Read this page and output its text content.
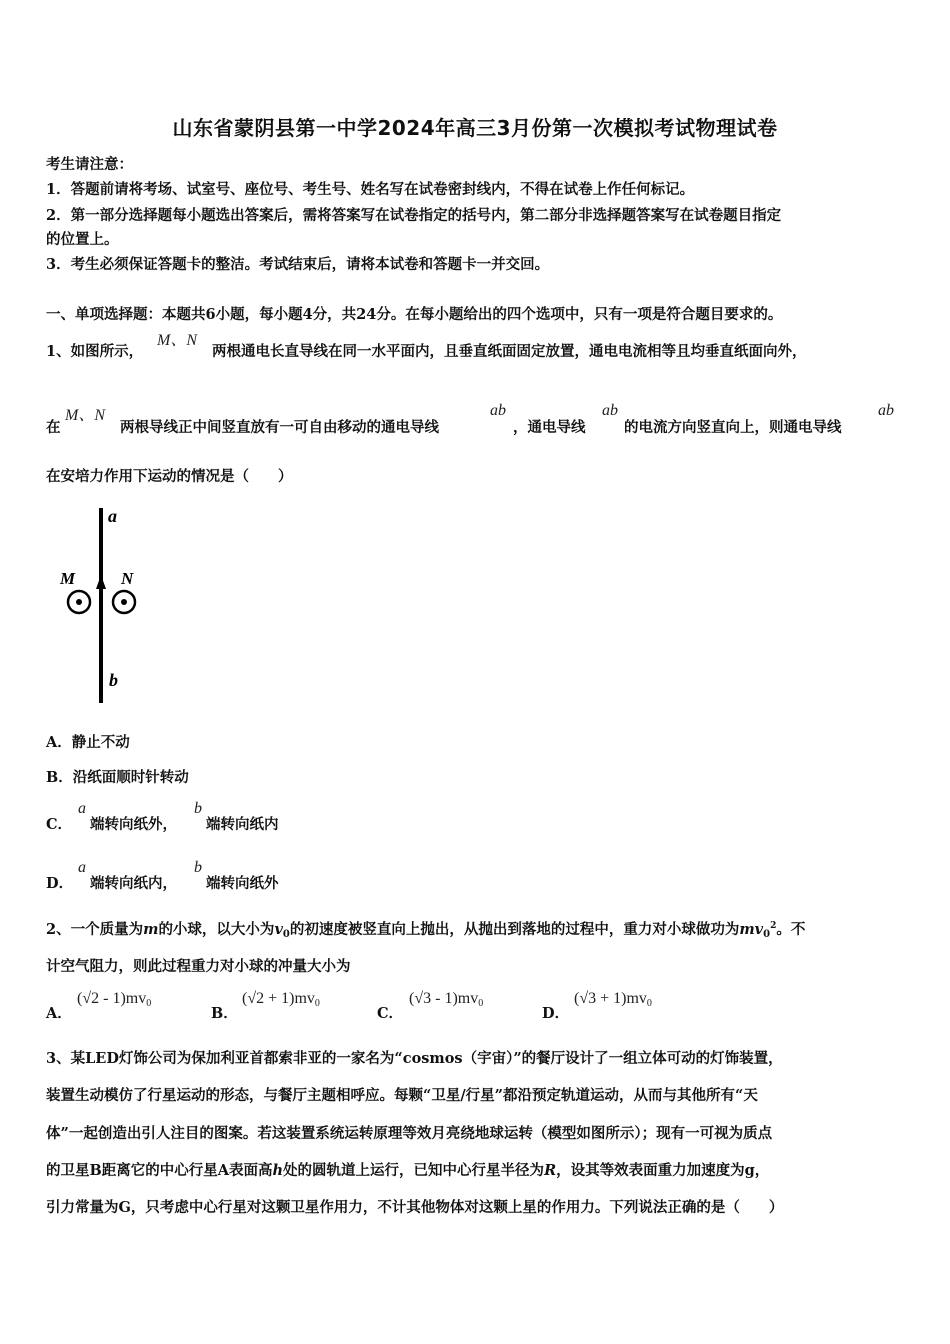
山东省蒙阴县第一中学2024年高三3月份第一次模拟考试物理试卷
考生请注意：
1．答题前请将考场、试室号、座位号、考生号、姓名写在试卷密封线内，不得在试卷上作任何标记。
2．第一部分选择题每小题选出答案后，需将答案写在试卷指定的括号内，第二部分非选择题答案写在试卷题目指定
的位置上。
3．考生必须保证答题卡的整洁。考试结束后，请将本试卷和答题卡一并交回。
一、单项选择题：本题共6小题，每小题4分，共24分。在每小题给出的四个选项中，只有一项是符合题目要求的。
1、如图所示，
M、N
两根通电长直导线在同一水平面内，且垂直纸面固定放置，通电电流相等且均垂直纸面向外，
在
M、N
两根导线正中间竖直放有一可自由移动的通电导线
ab
，通电导线
ab
的电流方向竖直向上，则通电导线
ab
在安培力作用下运动的情况是（　　）
a
b
M	N
A．静止不动
B．沿纸面顺时针转动
C．
a
端转向纸外，
b
端转向纸内
D．
a
端转向纸内，
b
端转向纸外
2、一个质量为m的小球，以大小为$v_0$的初速度被竖直向上抛出，从抛出到落地的过程中，重力对小球做功为$mv_0^2$。不
计空气阻力，则此过程重力对小球的冲量大小为
A．
$(√2 - 1)mv_0$
B．
$(√2 + 1)mv_0$
C．
$(√3 - 1)mv_0$
D．
$(√3 + 1)mv_0$
3、某LED灯饰公司为保加利亚首都索非亚的一家名为“cosmos（宇宙）”的餐厅设计了一组立体可动的灯饰装置，
装置生动模仿了行星运动的形态，与餐厅主题相呼应。每颗“卫星/行星”都沿预定轨道运动，从而与其他所有“天
体”一起创造出引人注目的图案。若这装置系统运转原理等效月亮绕地球运转（模型如图所示）；现有一可视为质点
的卫星B距离它的中心行星A表面高h处的圆轨道上运行，已知中心行星半径为R，设其等效表面重力加速度为g，
引力常量为G，只考虑中心行星对这颗卫星作用力，不计其他物体对这颗上星的作用力。下列说法正确的是（　　）
